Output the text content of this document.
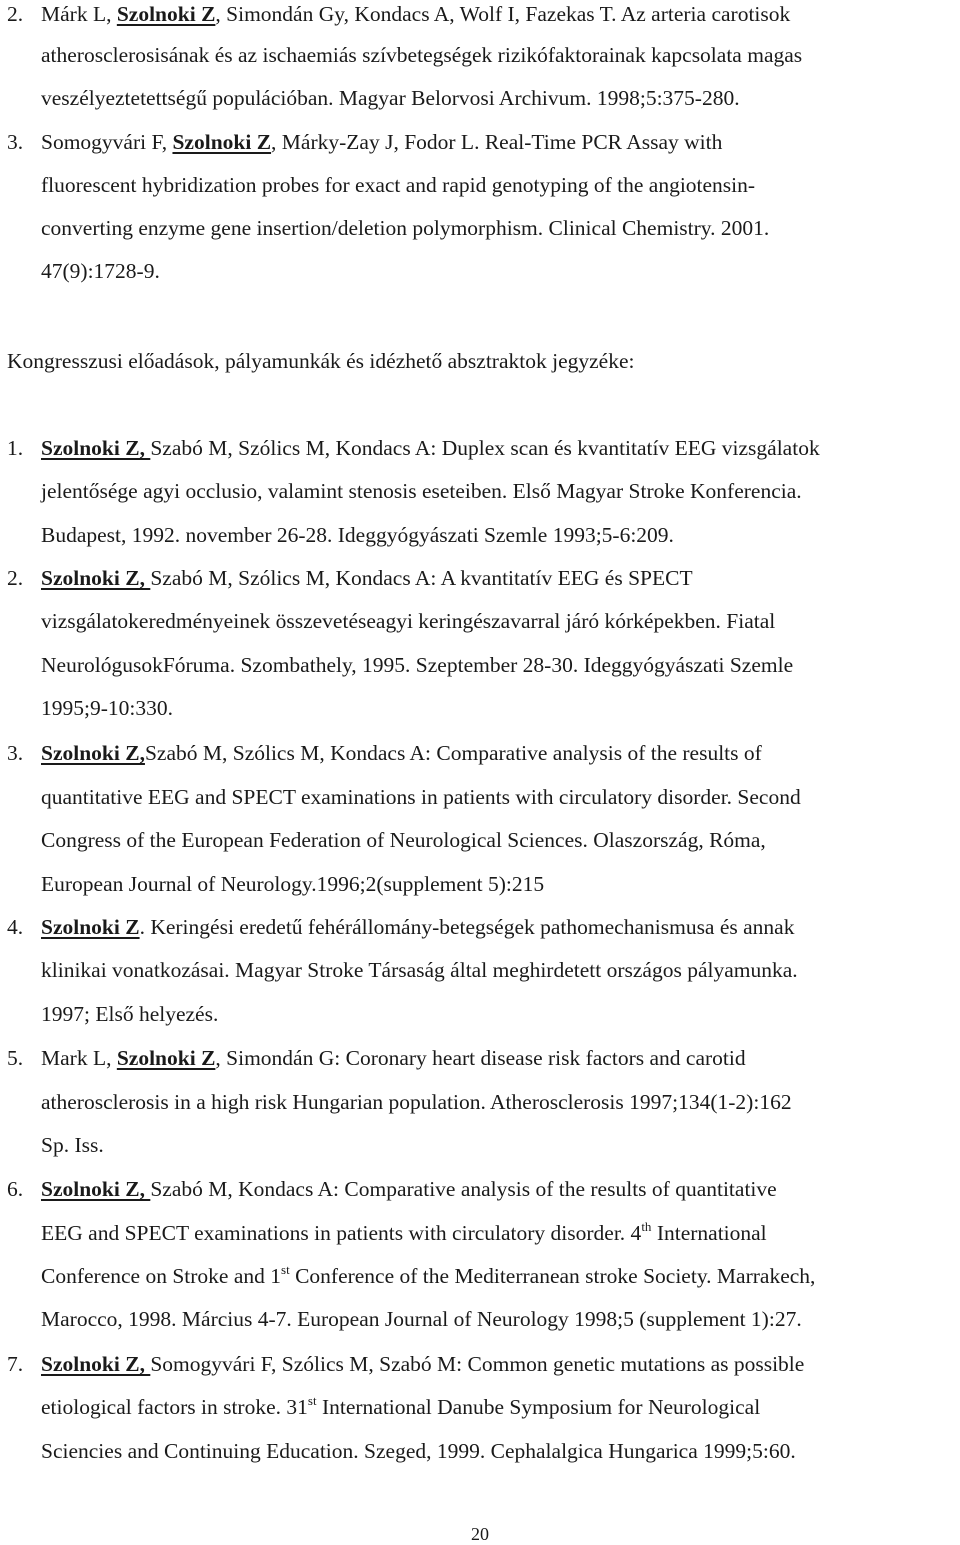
2. Márk L, Szolnoki Z, Simondán Gy, Kondacs A, Wolf I, Fazekas T. Az arteria carotisok
atherosclerosisának és az ischaemiás szívbetegségek rizikófaktorainak kapcsolata magas
veszélyeztetettségű populációban. Magyar Belorvosi Archivum. 1998;5:375-280.
3. Somogyvári F, Szolnoki Z, Márky-Zay J, Fodor L. Real-Time PCR Assay with
fluorescent hybridization probes for exact and rapid genotyping of the angiotensin-
converting enzyme gene insertion/deletion polymorphism. Clinical Chemistry. 2001.
47(9):1728-9.
Kongresszusi előadások, pályamunkák és idézhető absztraktok jegyzéke:
1. Szolnoki Z, Szabó M, Szólics M, Kondacs A: Duplex scan és kvantitatív EEG vizsgálatok
jelentősége agyi occlusio, valamint stenosis eseteiben. Első Magyar Stroke Konferencia.
Budapest, 1992. november 26-28. Ideggyógyászati Szemle 1993;5-6:209.
2. Szolnoki Z, Szabó M, Szólics M, Kondacs A: A kvantitatív EEG és SPECT
vizsgálatokeredményeinek összevetéseagyi keringészavarral járó kórképekben. Fiatal
NeurológusokFóruma. Szombathely, 1995. Szeptember 28-30. Ideggyógyászati Szemle
1995;9-10:330.
3. Szolnoki Z,Szabó M, Szólics M, Kondacs A: Comparative analysis of the results of
quantitative EEG and SPECT examinations in patients with circulatory disorder. Second
Congress of the European Federation of Neurological Sciences. Olaszország, Róma,
European Journal of Neurology.1996;2(supplement 5):215
4. Szolnoki Z. Keringési eredetű fehérállomány-betegségek pathomechanismusa és annak
klinikai vonatkozásai. Magyar Stroke Társaság által meghirdetett országos pályamunka.
1997; Első helyezés.
5. Mark L, Szolnoki Z, Simondán G: Coronary heart disease risk factors and carotid
atherosclerosis in a high risk Hungarian population. Atherosclerosis 1997;134(1-2):162
Sp. Iss.
6. Szolnoki Z, Szabó M, Kondacs A: Comparative analysis of the results of quantitative
EEG and SPECT examinations in patients with circulatory disorder. 4th International
Conference on Stroke and 1st Conference of the Mediterranean stroke Society. Marrakech,
Marocco, 1998. Március 4-7. European Journal of Neurology 1998;5 (supplement 1):27.
7. Szolnoki Z, Somogyvári F, Szólics M, Szabó M: Common genetic mutations as possible
etiological factors in stroke. 31st International Danube Symposium for Neurological
Sciencies and Continuing Education. Szeged, 1999. Cephalalgica Hungarica 1999;5:60.
20
